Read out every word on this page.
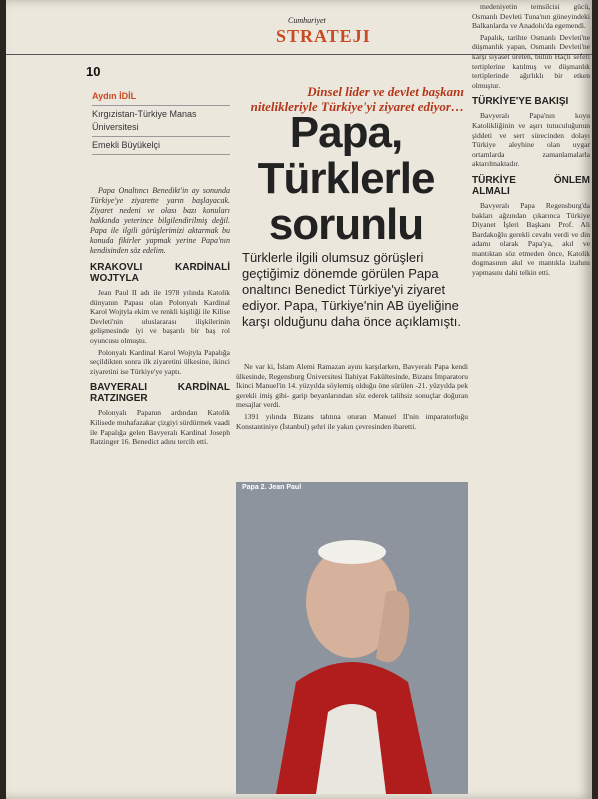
Cumhuriyet
STRATEJI
10
Aydın İDİL
Kırgızistan-Türkiye Manas Üniversitesi
Emekli Büyükelçi
Dinsel lider ve devlet başkanı nitelikleriyle Türkiye'yi ziyaret ediyor…
Papa,
Türklerle
sorunlu
Türklerle ilgili olumsuz görüşleri geçtiğimiz dönemde görülen Papa onaltıncı Benedict Türkiye'yi ziyaret ediyor. Papa, Türkiye'nin AB üyeliğine karşı olduğunu daha önce açıklamıştı.

Papa Onaltıncı Benedikt'in ay sonunda Türkiye'ye ziyarette yarın başlayacak. Ziyaret nedeni ve olası bazı konuları hakkında yeterince bilgilendirilmiş değil. Papa ile ilgili görüşlerimizi aktarmak bu konuda fikirler yapmak yerine Papa'nın kendisinden söz edelim.

KRAKOVLI KARDİNALİ WOJTYLA

Jean Paul II adı ile 1978 yılında Katolik dünyanın Papası olan Polonyalı Kardinal Karol Wojtyla ekim ve renkli kişiliği ile Kilise Devleti'nin uluslararası ilişkilerinin gelişmesinde iyi ve başarılı bir baş rol oyuncusu olmuştu.

Polonyalı Kardinal Karol Wojtyla Papalığa seçildikten sonra ilk ziyaretini ülkesine, ikinci ziyaretini ise Türkiye'ye yaptı.

BAVYERALI KARDİNAL RATZINGER

Polonyalı Papanın ardından Katolik Kilisede muhafazakar çizgiyi sürdürmek vaadi ile Papalığa gelen Bavyeralı Kardinal Joseph Ratzinger 16. Benedict adını tercih etti.

Ne var ki, İslam Alemi Ramazan ayını karşılarken, Bavyeralı Papa kendi ülkesinde, Regensburg Üniversitesi İlahiyat Fakültesinde, Bizans İmparatoru İkinci Manuel'in 14. yüzyılda söylemiş olduğu öne sürülen -21. yüzyılda pek gerekli imiş gibi- garip beyanlarından söz ederek talihsiz sonuçlar doğuran mesajlar verdi.

1391 yılında Bizans tahtına oturan Manuel II'nin imparatorluğu Konstantiniye (İstanbul) şehri ile yakın çevresinden ibaretti.

Papa 2. Jean Paul

medeniyetin temsilcisi gücü, Osmanlı Devleti Tuna'nın güneyindeki Balkanlarda ve Anadolu'da egemendi.

Papalık, tarihte Osmanlı Devleti'ne düşmanlık yapan, Osmanlı Devleti'ne karşı siyaset üreten, bütün Haçlı seferi tertiplerine katılmış ve düşmanlık tertiplerinde ağırlıklı bir etken olmuştur.

TÜRKİYE'YE BAKIŞI

Bavyeralı Papa'nın koyu Katolikliğinin ve aşırı tutuculuğunun şiddeti ve sert sürecinden dolayı Türkiye aleyhine olan uygar ortamlarda zamanlamalarla aktarılmaktadır.

TÜRKİYE ÖNLEM ALMALI

Bavyeralı Papa Regensburg'da bakları ağzından çıkarınca Türkiye Diyanet İşleri Başkanı Prof. Ali Bardakoğlu gerekli cevabı verdi ve din adamı olarak Papa'ya, akıl ve mantıktan söz etmeden önce, Katolik dogmasının akıl ve mantıkla izahını yapmasını dahi telkin etti.
